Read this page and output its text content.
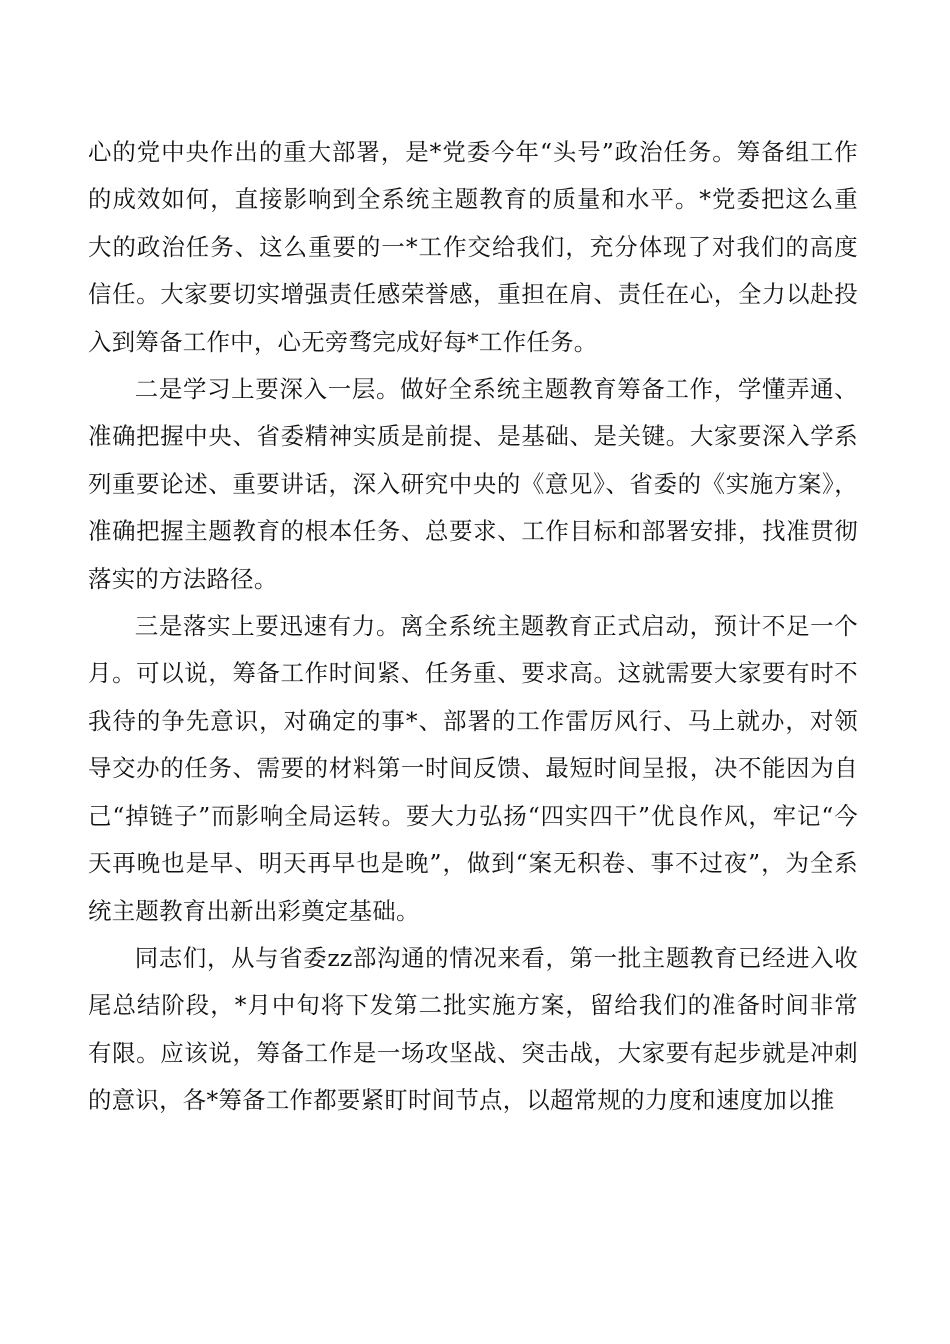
心的党中央作出的重大部署，是*党委今年“头号”政治任务。筹备组工作的成效如何，直接影响到全系统主题教育的质量和水平。*党委把这么重大的政治任务、这么重要的一*工作交给我们，充分体现了对我们的高度信任。大家要切实增强责任感荣誉感，重担在肩、责任在心，全力以赴投入到筹备工作中，心无旁骛完成好每*工作任务。

二是学习上要深入一层。做好全系统主题教育筹备工作，学懂弄通、准确把握中央、省委精神实质是前提、是基础、是关键。大家要深入学系列重要论述、重要讲话，深入研究中央的《意见》、省委的《实施方案》，准确把握主题教育的根本任务、总要求、工作目标和部署安排，找准贯彻落实的方法路径。

三是落实上要迅速有力。离全系统主题教育正式启动，预计不足一个月。可以说，筹备工作时间紧、任务重、要求高。这就需要大家要有时不我待的争先意识，对确定的事*、部署的工作雷厉风行、马上就办，对领导交办的任务、需要的材料第一时间反馈、最短时间呈报，决不能因为自己“掉链子”而影响全局运转。要大力弘扬“四实四干”优良作风，牢记“今天再晚也是早、明天再早也是晚”，做到“案无积卷、事不过夜”，为全系统主题教育出新出彩奠定基础。

同志们，从与省委zz部沟通的情况来看，第一批主题教育已经进入收尾总结阶段，*月中旬将下发第二批实施方案，留给我们的准备时间非常有限。应该说，筹备工作是一场攻坚战、突击战，大家要有起步就是冲刺的意识，各*筹备工作都要紧盯时间节点，以超常规的力度和速度加以推
